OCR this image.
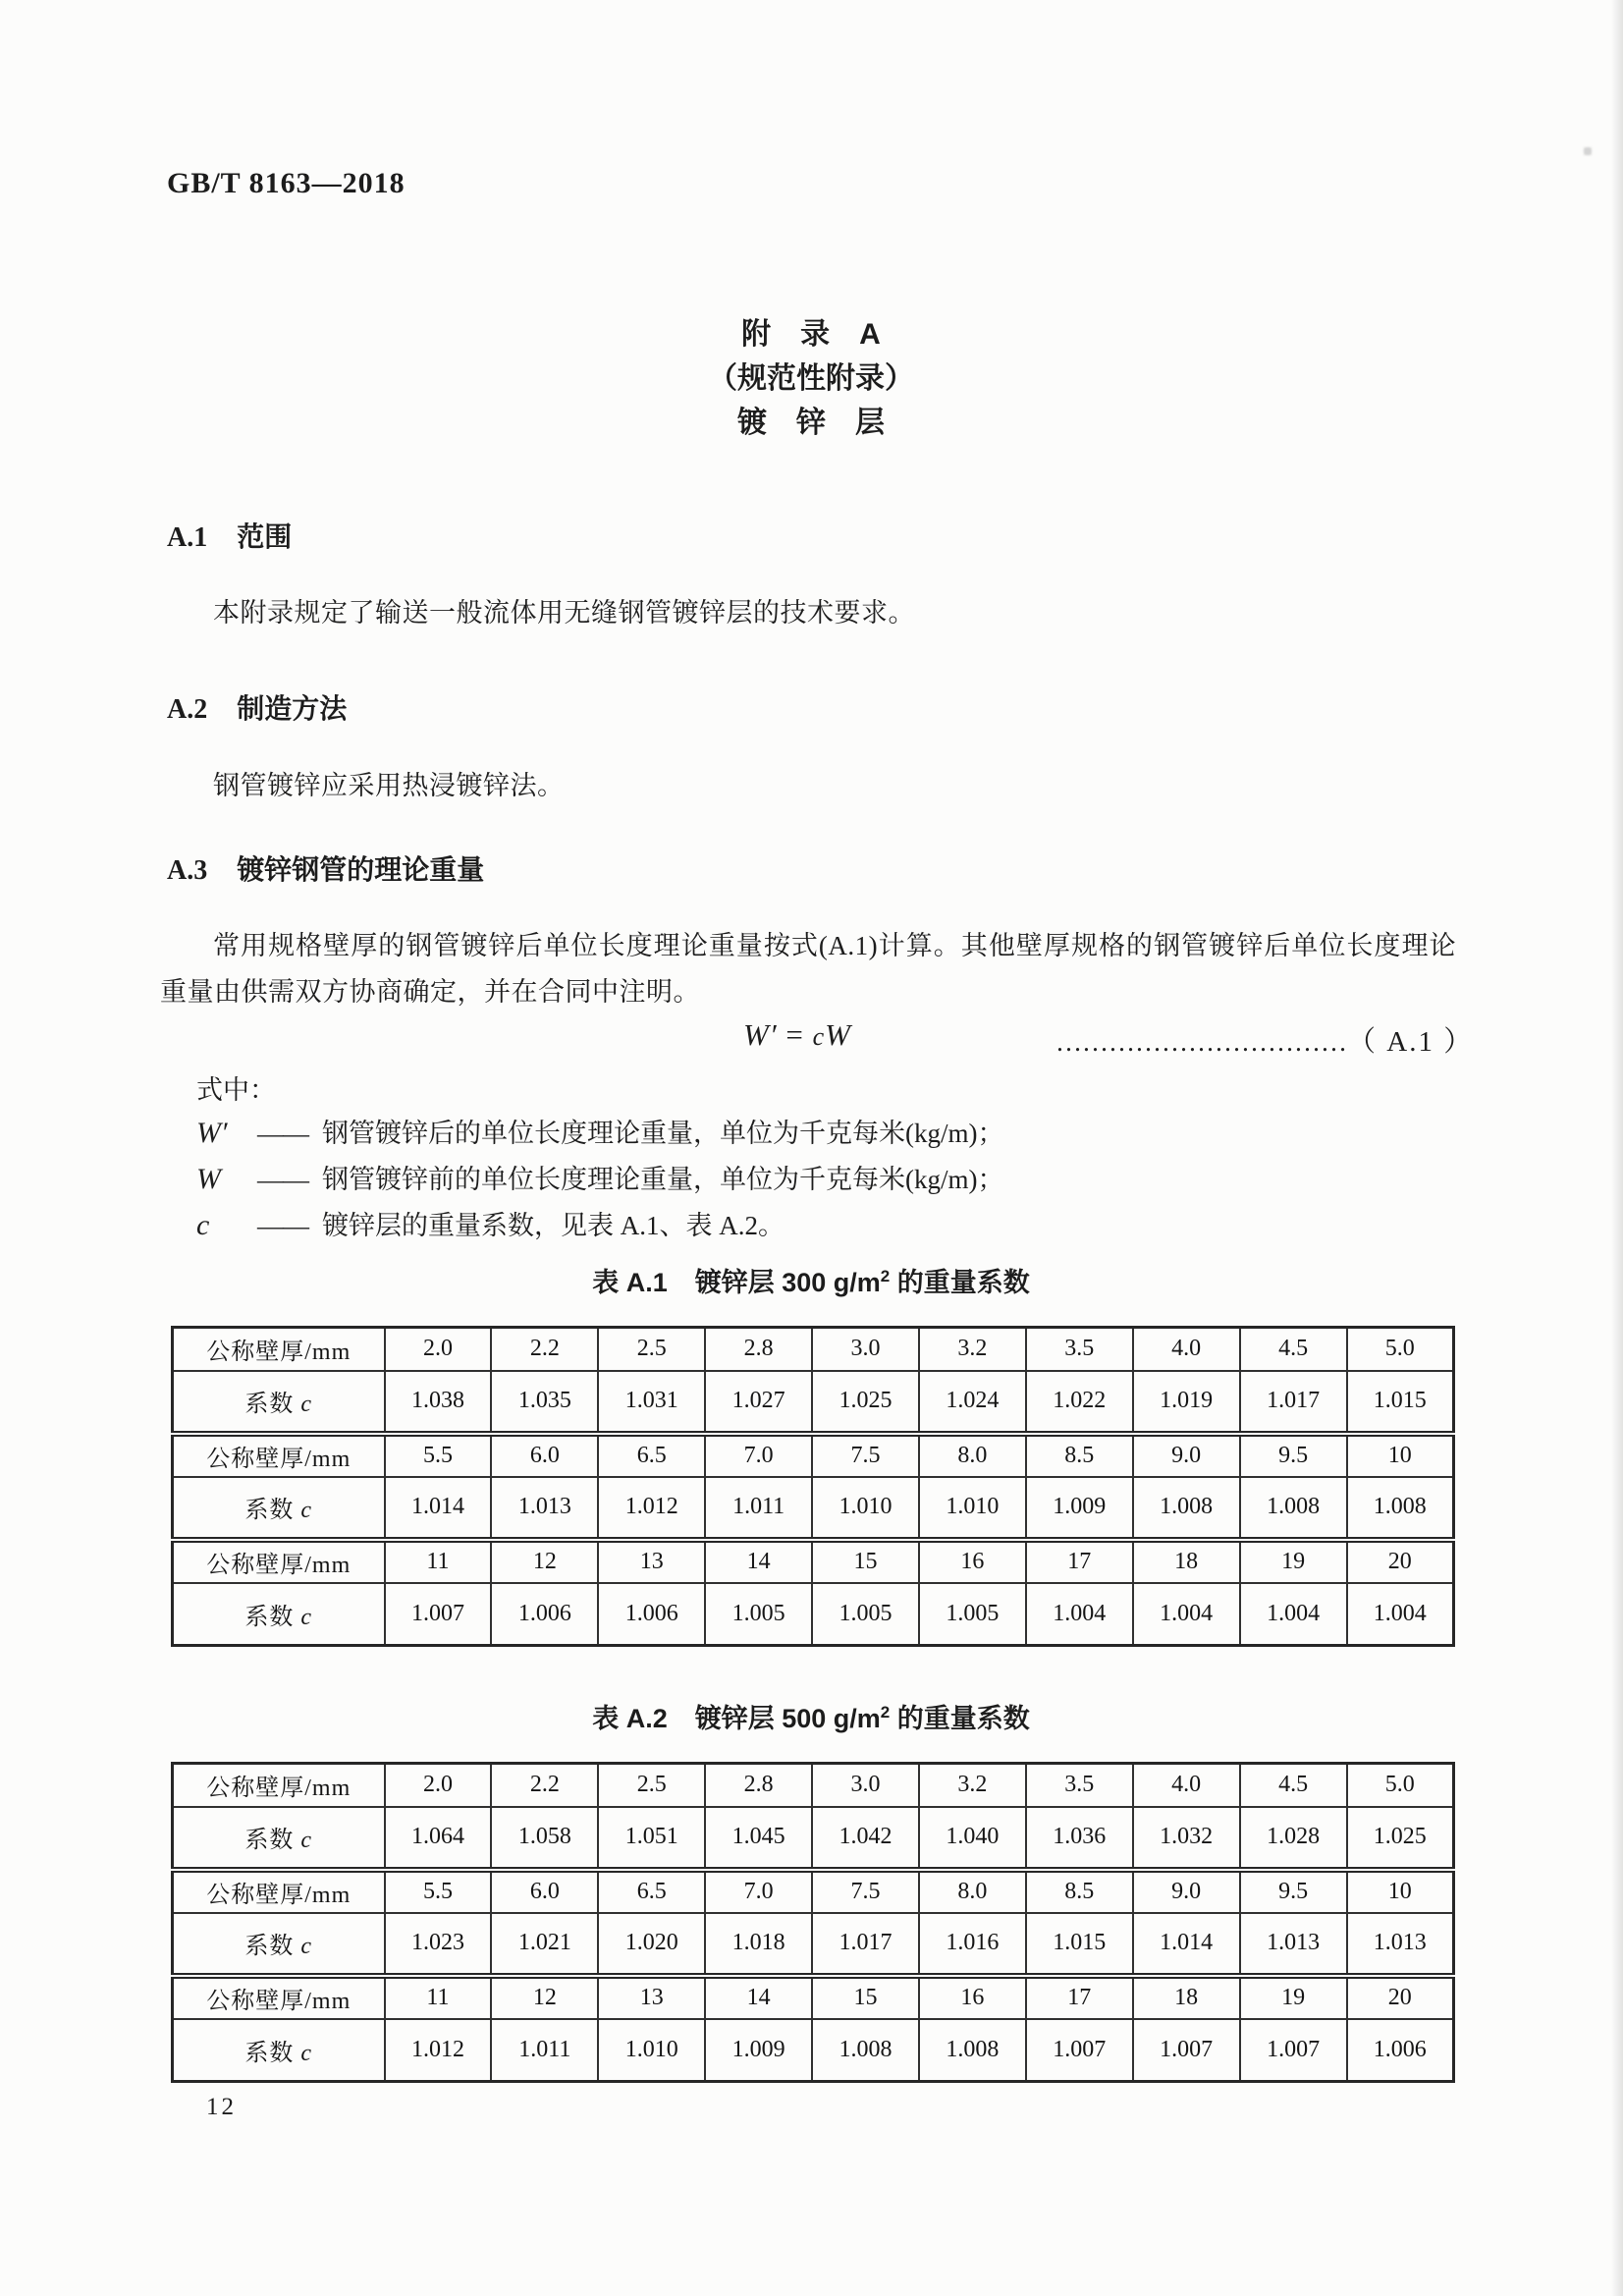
GB/T 8163—2018
附　录　A
（规范性附录）
镀　锌　层
A.1 范围
本附录规定了输送一般流体用无缝钢管镀锌层的技术要求。
A.2 制造方法
钢管镀锌应采用热浸镀锌法。
A.3 镀锌钢管的理论重量
常用规格壁厚的钢管镀锌后单位长度理论重量按式(A.1)计算。其他壁厚规格的钢管镀锌后单位长度理论重量由供需双方协商确定，并在合同中注明。
W′ = cW	……………………………（ A.1 ）
式中：
W′ —— 钢管镀锌后的单位长度理论重量，单位为千克每米(kg/m)；
W —— 钢管镀锌前的单位长度理论重量，单位为千克每米(kg/m)；
c —— 镀锌层的重量系数，见表 A.1、表 A.2。
表 A.1 镀锌层 300 $g/m^2$ 的重量系数
公称壁厚/mm	2.0	2.2	2.5	2.8	3.0	3.2	3.5	4.0	4.5	5.0
系数 c	1.038	1.035	1.031	1.027	1.025	1.024	1.022	1.019	1.017	1.015
公称壁厚/mm	5.5	6.0	6.5	7.0	7.5	8.0	8.5	9.0	9.5	10
系数 c	1.014	1.013	1.012	1.011	1.010	1.010	1.009	1.008	1.008	1.008
公称壁厚/mm	11	12	13	14	15	16	17	18	19	20
系数 c	1.007	1.006	1.006	1.005	1.005	1.005	1.004	1.004	1.004	1.004
表 A.2 镀锌层 500 $g/m^2$ 的重量系数
公称壁厚/mm	2.0	2.2	2.5	2.8	3.0	3.2	3.5	4.0	4.5	5.0
系数 c	1.064	1.058	1.051	1.045	1.042	1.040	1.036	1.032	1.028	1.025
公称壁厚/mm	5.5	6.0	6.5	7.0	7.5	8.0	8.5	9.0	9.5	10
系数 c	1.023	1.021	1.020	1.018	1.017	1.016	1.015	1.014	1.013	1.013
公称壁厚/mm	11	12	13	14	15	16	17	18	19	20
系数 c	1.012	1.011	1.010	1.009	1.008	1.008	1.007	1.007	1.007	1.006
12
